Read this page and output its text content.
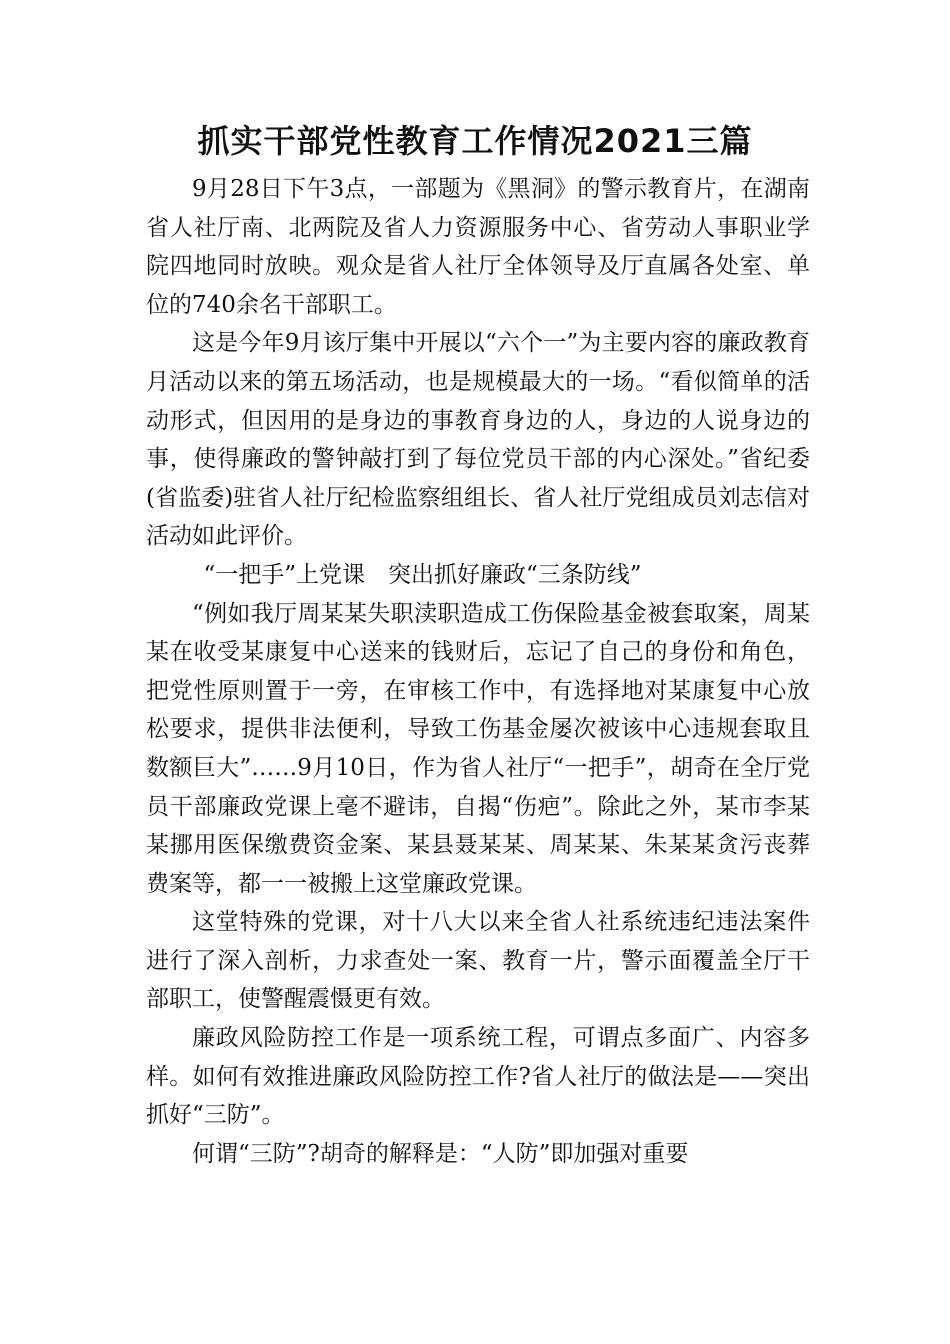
抓实干部党性教育工作情况2021三篇

9月28日下午3点，一部题为《黑洞》的警示教育片，在湖南省人社厅南、北两院及省人力资源服务中心、省劳动人事职业学院四地同时放映。观众是省人社厅全体领导及厅直属各处室、单位的740余名干部职工。

这是今年9月该厅集中开展以“六个一”为主要内容的廉政教育月活动以来的第五场活动，也是规模最大的一场。“看似简单的活动形式，但因用的是身边的事教育身边的人，身边的人说身边的事，使得廉政的警钟敲打到了每位党员干部的内心深处。”省纪委(省监委)驻省人社厅纪检监察组组长、省人社厅党组成员刘志信对活动如此评价。

“一把手”上党课　突出抓好廉政“三条防线”

“例如我厅周某某失职渎职造成工伤保险基金被套取案，周某某在收受某康复中心送来的钱财后，忘记了自己的身份和角色，把党性原则置于一旁，在审核工作中，有选择地对某康复中心放松要求，提供非法便利，导致工伤基金屡次被该中心违规套取且数额巨大”……9月10日，作为省人社厅“一把手”，胡奇在全厅党员干部廉政党课上毫不避讳，自揭“伤疤”。除此之外，某市李某某挪用医保缴费资金案、某县聂某某、周某某、朱某某贪污丧葬费案等，都一一被搬上这堂廉政党课。

这堂特殊的党课，对十八大以来全省人社系统违纪违法案件进行了深入剖析，力求查处一案、教育一片，警示面覆盖全厅干部职工，使警醒震慑更有效。

廉政风险防控工作是一项系统工程，可谓点多面广、内容多样。如何有效推进廉政风险防控工作?省人社厅的做法是——突出抓好“三防”。

何谓“三防”?胡奇的解释是：“人防”即加强对重要
